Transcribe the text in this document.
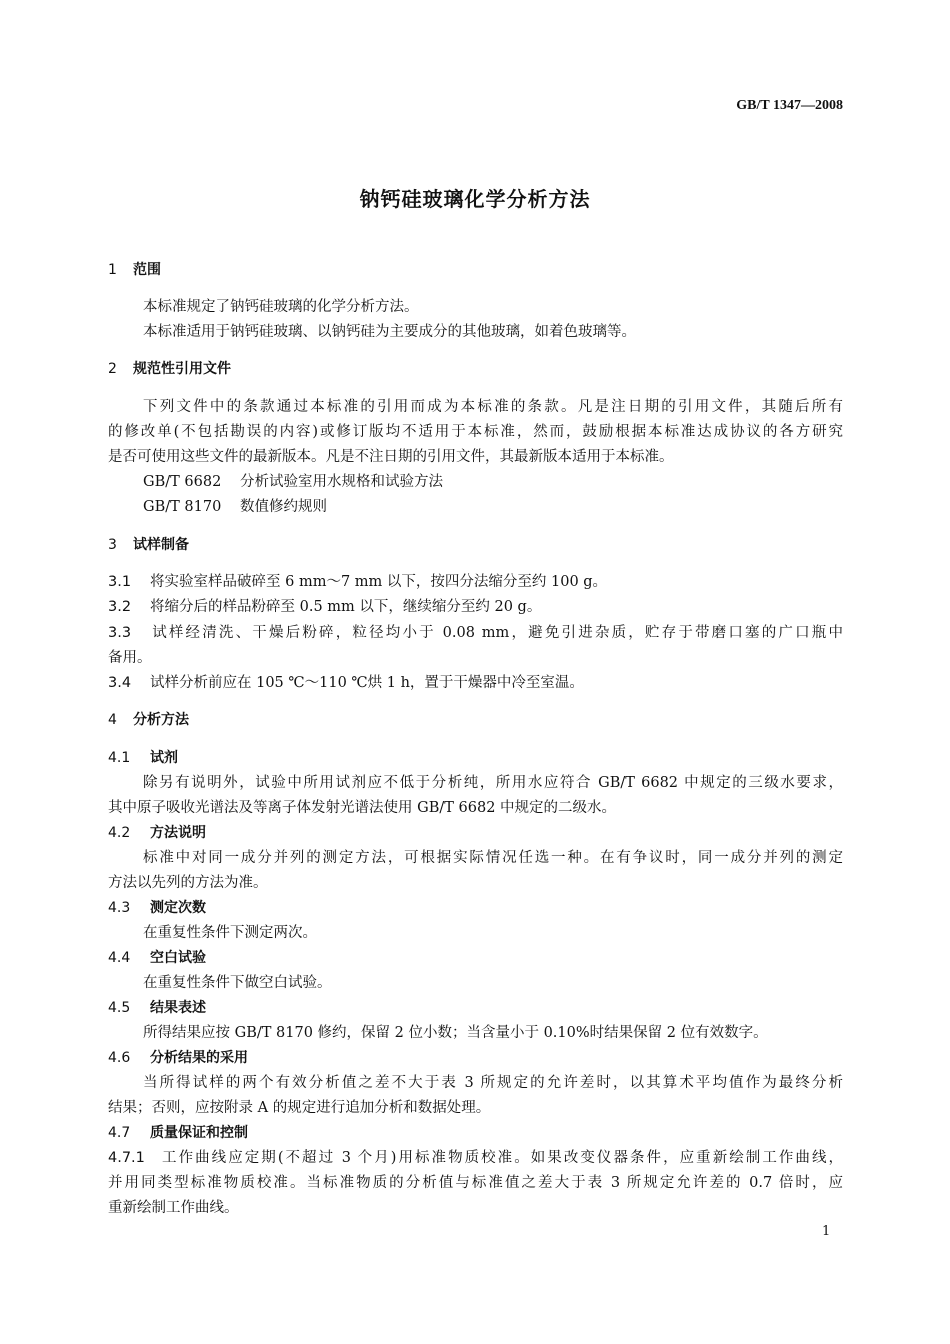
GB/T 1347—2008
钠钙硅玻璃化学分析方法
1 范围
本标准规定了钠钙硅玻璃的化学分析方法。
本标准适用于钠钙硅玻璃、以钠钙硅为主要成分的其他玻璃，如着色玻璃等。
2 规范性引用文件
下列文件中的条款通过本标准的引用而成为本标准的条款。凡是注日期的引用文件，其随后所有
的修改单(不包括勘误的内容)或修订版均不适用于本标准，然而，鼓励根据本标准达成协议的各方研究
是否可使用这些文件的最新版本。凡是不注日期的引用文件，其最新版本适用于本标准。
GB/T 6682 分析试验室用水规格和试验方法
GB/T 8170 数值修约规则
3 试样制备
3.1 将实验室样品破碎至 6 mm～7 mm 以下，按四分法缩分至约 100 g。
3.2 将缩分后的样品粉碎至 0.5 mm 以下，继续缩分至约 20 g。
3.3 试样经清洗、干燥后粉碎，粒径均小于 0.08 mm，避免引进杂质，贮存于带磨口塞的广口瓶中
备用。
3.4 试样分析前应在 105 ℃～110 ℃烘 1 h，置于干燥器中冷至室温。
4 分析方法
4.1 试剂
除另有说明外，试验中所用试剂应不低于分析纯，所用水应符合 GB/T 6682 中规定的三级水要求，
其中原子吸收光谱法及等离子体发射光谱法使用 GB/T 6682 中规定的二级水。
4.2 方法说明
标准中对同一成分并列的测定方法，可根据实际情况任选一种。在有争议时，同一成分并列的测定
方法以先列的方法为准。
4.3 测定次数
在重复性条件下测定两次。
4.4 空白试验
在重复性条件下做空白试验。
4.5 结果表述
所得结果应按 GB/T 8170 修约，保留 2 位小数；当含量小于 0.10%时结果保留 2 位有效数字。
4.6 分析结果的采用
当所得试样的两个有效分析值之差不大于表 3 所规定的允许差时，以其算术平均值作为最终分析
结果；否则，应按附录 A 的规定进行追加分析和数据处理。
4.7 质量保证和控制
4.7.1 工作曲线应定期(不超过 3 个月)用标准物质校准。如果改变仪器条件，应重新绘制工作曲线，
并用同类型标准物质校准。当标准物质的分析值与标准值之差大于表 3 所规定允许差的 0.7 倍时，应
重新绘制工作曲线。
1
